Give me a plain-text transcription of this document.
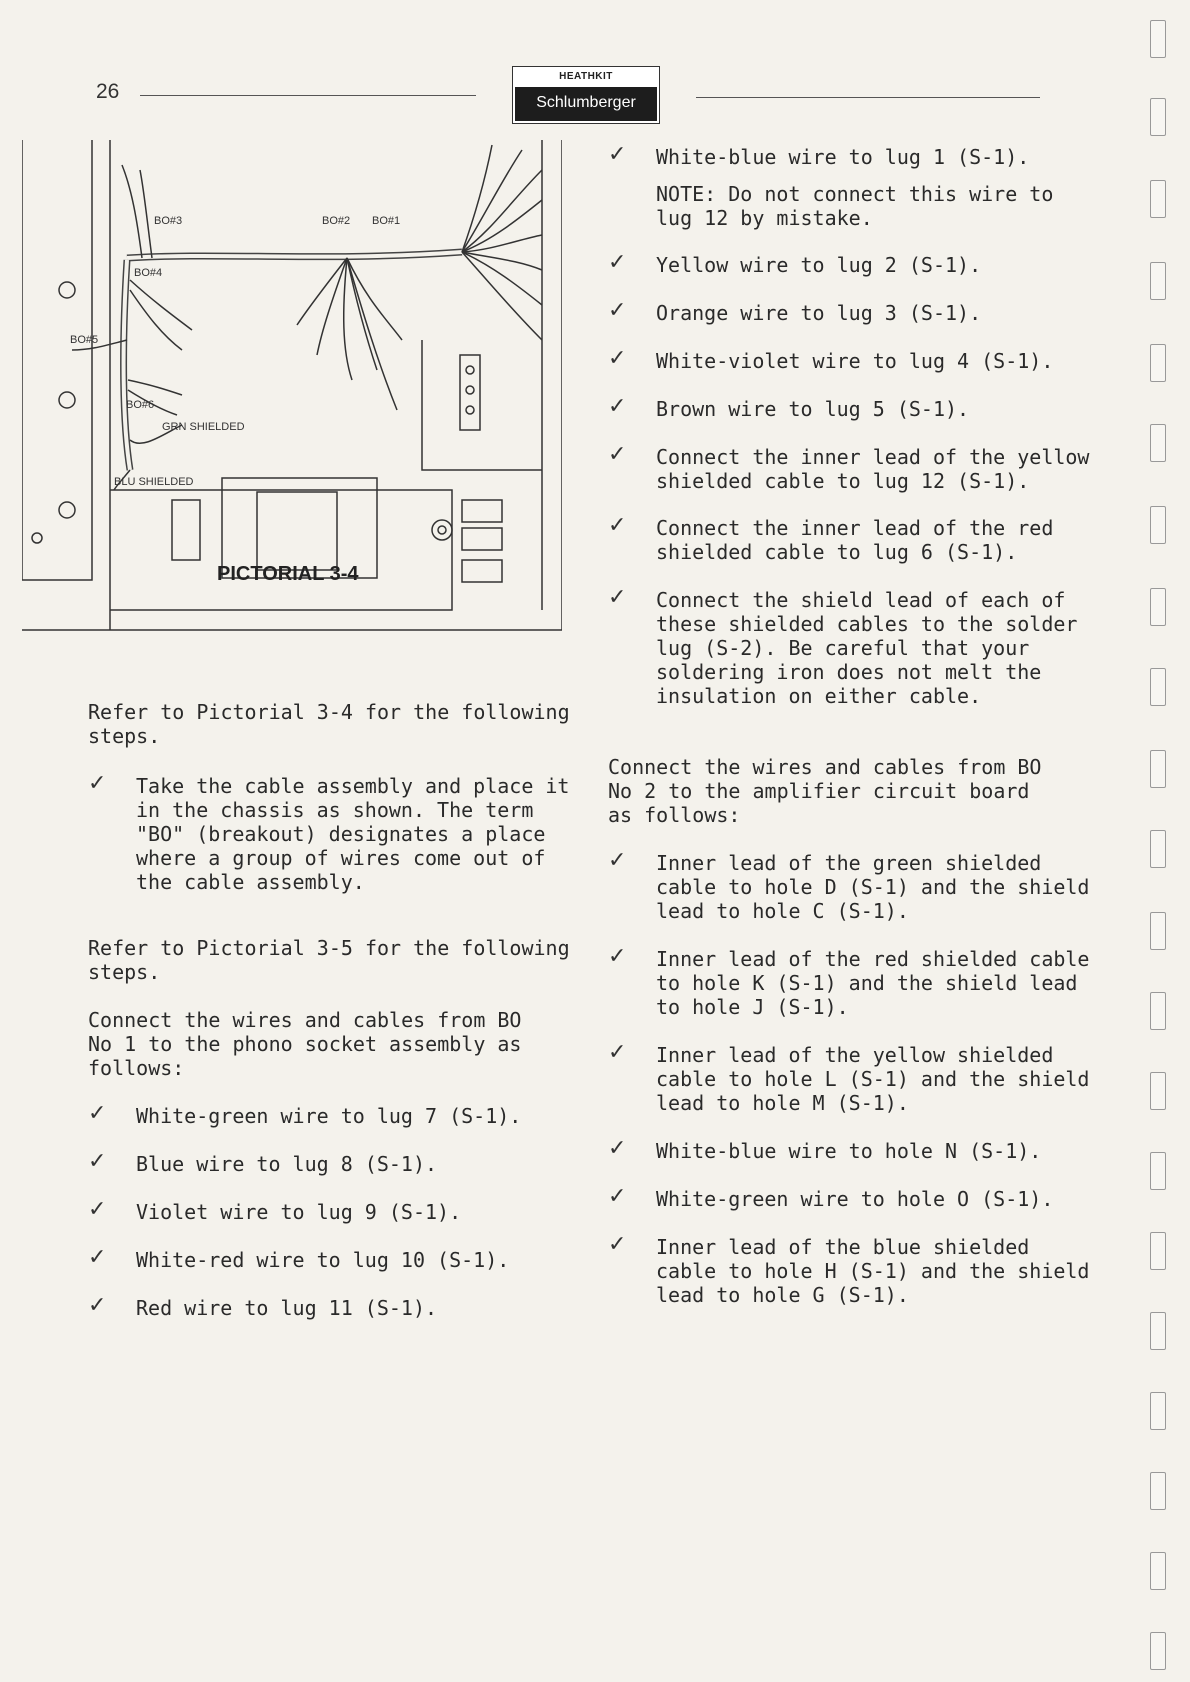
26
HEATHKIT
Schlumberger
BO#2 BO#1
BO#3
BO#4
BO#5
BO#6
GRN SHIELDED
BLU SHIELDED
PICTORIAL 3-4
Refer to Pictorial 3-4 for the following
steps.
✓ Take the cable assembly and place it
in the chassis as shown. The term
"BO" (breakout) designates a place
where a group of wires come out of
the cable assembly.
Refer to Pictorial 3-5 for the following
steps.
Connect the wires and cables from BO
No 1 to the phono socket assembly as
follows:
✓ White-green wire to lug 7 (S-1).
✓ Blue wire to lug 8 (S-1).
✓ Violet wire to lug 9 (S-1).
✓ White-red wire to lug 10 (S-1).
✓ Red wire to lug 11 (S-1).
✓ White-blue wire to lug 1 (S-1).
NOTE: Do not connect this wire to
lug 12 by mistake.
✓ Yellow wire to lug 2 (S-1).
✓ Orange wire to lug 3 (S-1).
✓ White-violet wire to lug 4 (S-1).
✓ Brown wire to lug 5 (S-1).
✓ Connect the inner lead of the yellow
shielded cable to lug 12 (S-1).
✓ Connect the inner lead of the red
shielded cable to lug 6 (S-1).
✓ Connect the shield lead of each of
these shielded cables to the solder
lug (S-2). Be careful that your
soldering iron does not melt the
insulation on either cable.
Connect the wires and cables from BO
No 2 to the amplifier circuit board
as follows:
✓ Inner lead of the green shielded
cable to hole D (S-1) and the shield
lead to hole C (S-1).
✓ Inner lead of the red shielded cable
to hole K (S-1) and the shield lead
to hole J (S-1).
✓ Inner lead of the yellow shielded
cable to hole L (S-1) and the shield
lead to hole M (S-1).
✓ White-blue wire to hole N (S-1).
✓ White-green wire to hole O (S-1).
✓ Inner lead of the blue shielded
cable to hole H (S-1) and the shield
lead to hole G (S-1).
